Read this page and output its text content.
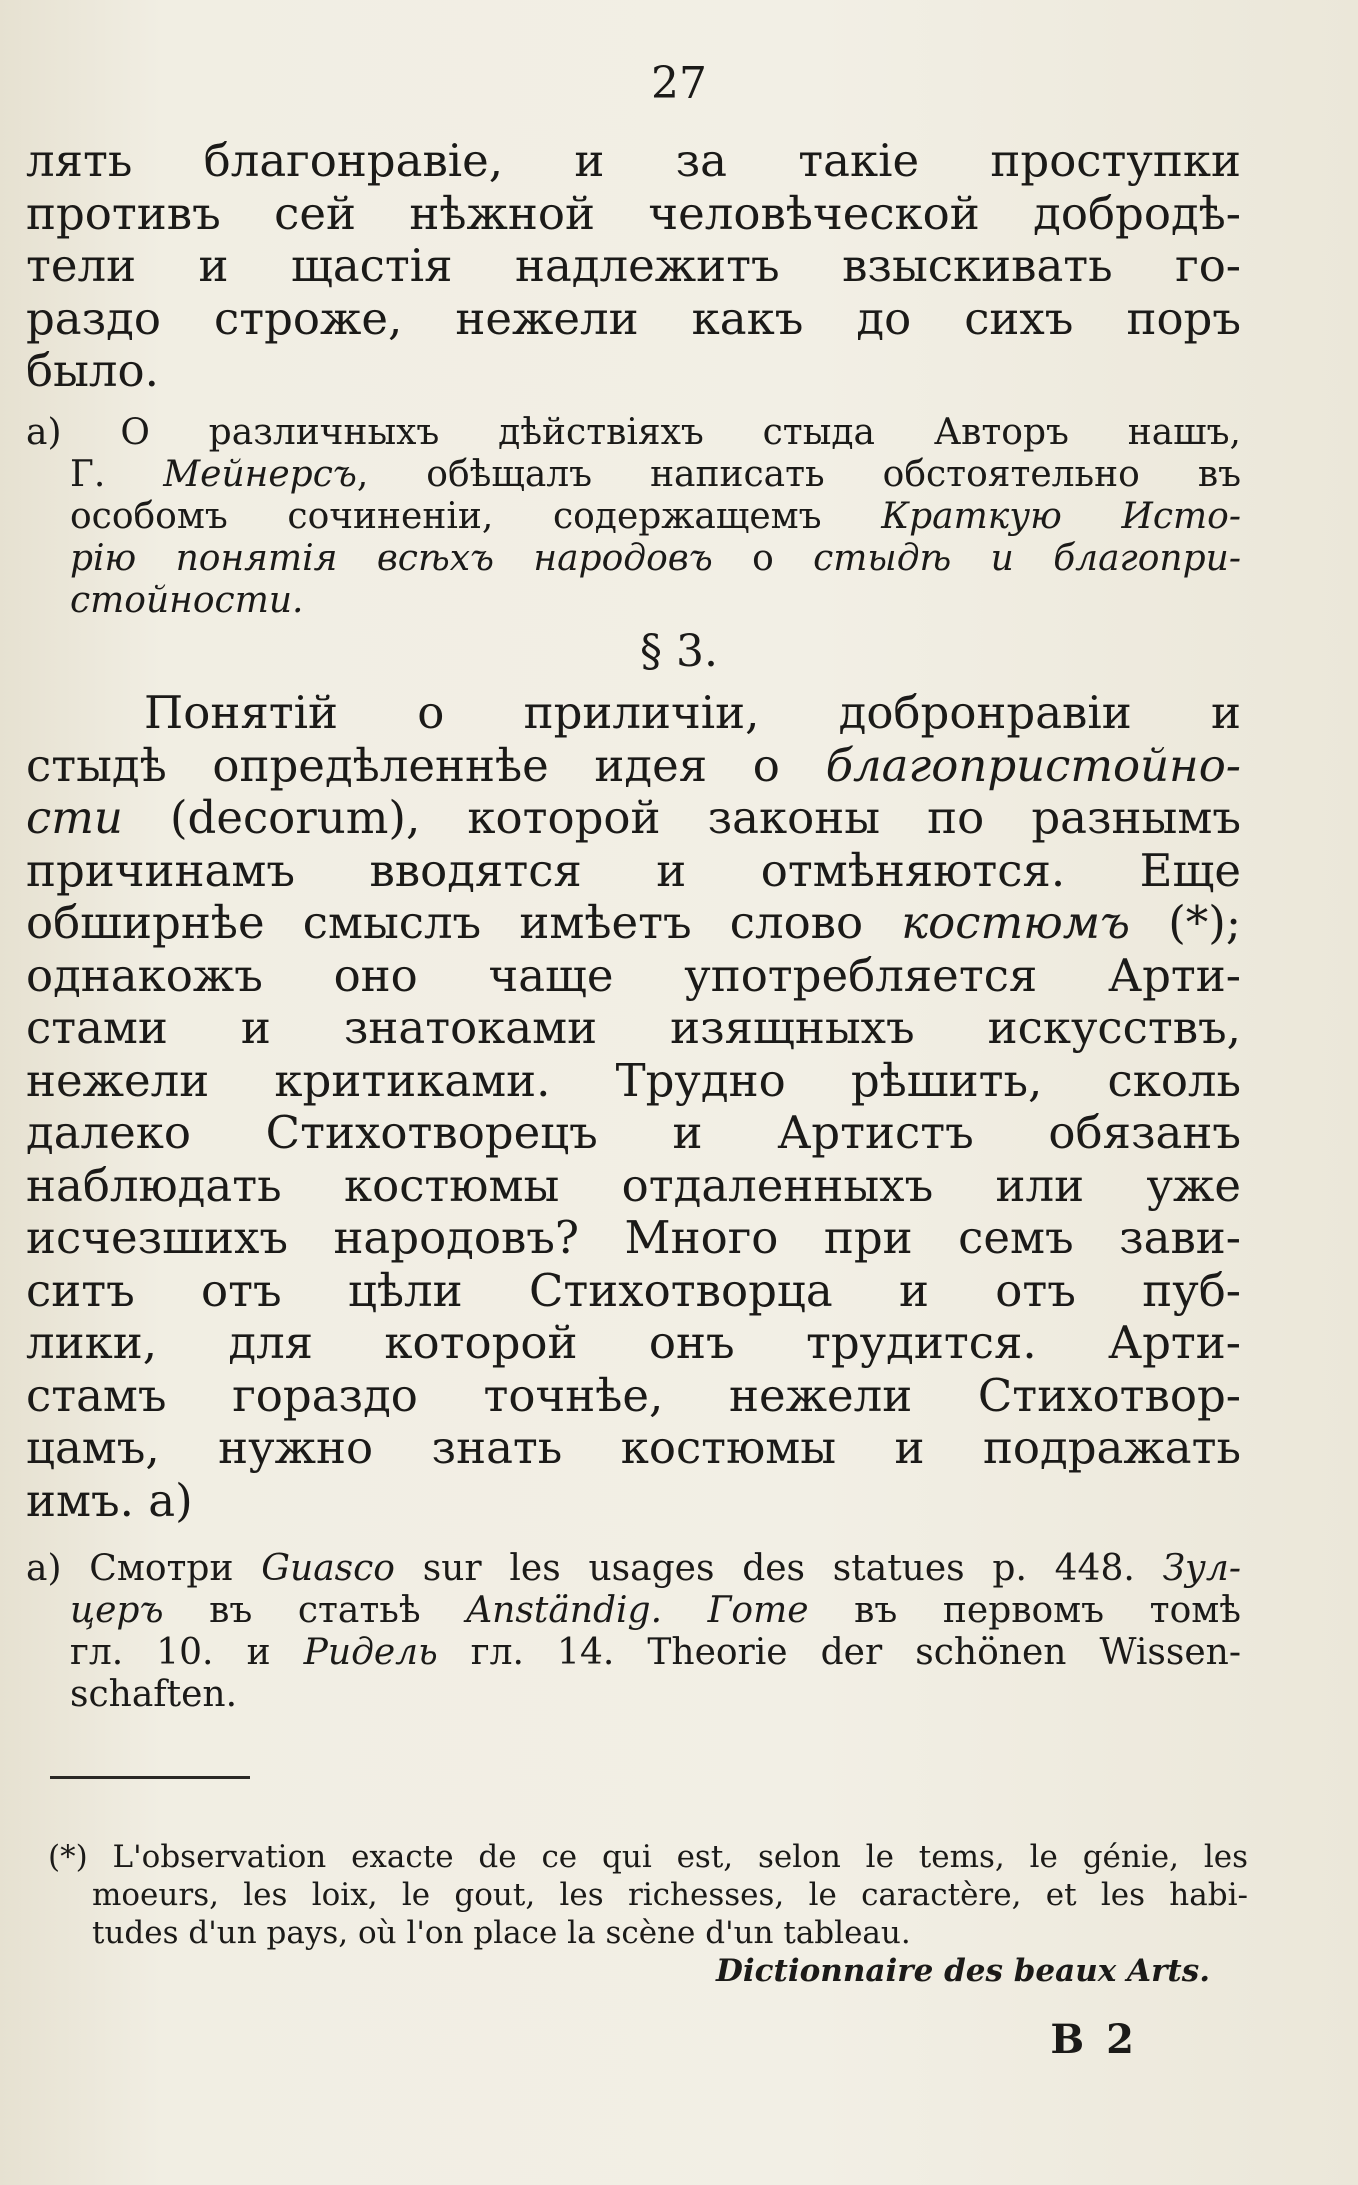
27
лять благонравіе, и за такіе проступки
противъ сей нѣжной человѣческой добродѣ-
тели и щастія надлежитъ взыскивать го-
раздо строже, нежели какъ до сихъ поръ
было.
a) О различныхъ дѣйствіяхъ стыда Авторъ нашъ,
Г. Мейнерсъ, обѣщалъ написать обстоятельно въ
особомъ сочиненіи, содержащемъ Краткую Исто-
рію понятія всѣхъ народовъ о стыдѣ и благопри-
стойности.
§ 3.
Понятій о приличіи, добронравіи и
стыдѣ опредѣленнѣе идея о благопристойно-
сти (decorum), которой законы по разнымъ
причинамъ вводятся и отмѣняются. Еще
обширнѣе смыслъ имѣетъ слово костюмъ (*);
однакожъ оно чаще употребляется Арти-
стами и знатоками изящныхъ искусствъ,
нежели критиками. Трудно рѣшить, сколь
далеко Стихотворецъ и Артистъ обязанъ
наблюдать костюмы отдаленныхъ или уже
исчезшихъ народовъ? Много при семъ зави-
ситъ отъ цѣли Стихотворца и отъ пуб-
лики, для которой онъ трудится. Арти-
стамъ гораздо точнѣе, нежели Стихотвор-
цамъ, нужно знать костюмы и подражать
имъ. а)
а) Смотри Guasco sur les usages des statues p. 448. Зул-
церъ въ статьѣ Anständig. Гоme въ первомъ томѣ
гл. 10. и Ридель гл. 14. Theorie der schönen Wissen-
schaften.
(*) L'observation exacte de ce qui est, selon le tems, le génie, les
moeurs, les loix, le gout, les richesses, le caractère, et les habi-
tudes d'un pays, où l'on place la scène d'un tableau.
Dictionnaire des beaux Arts.
В 2
